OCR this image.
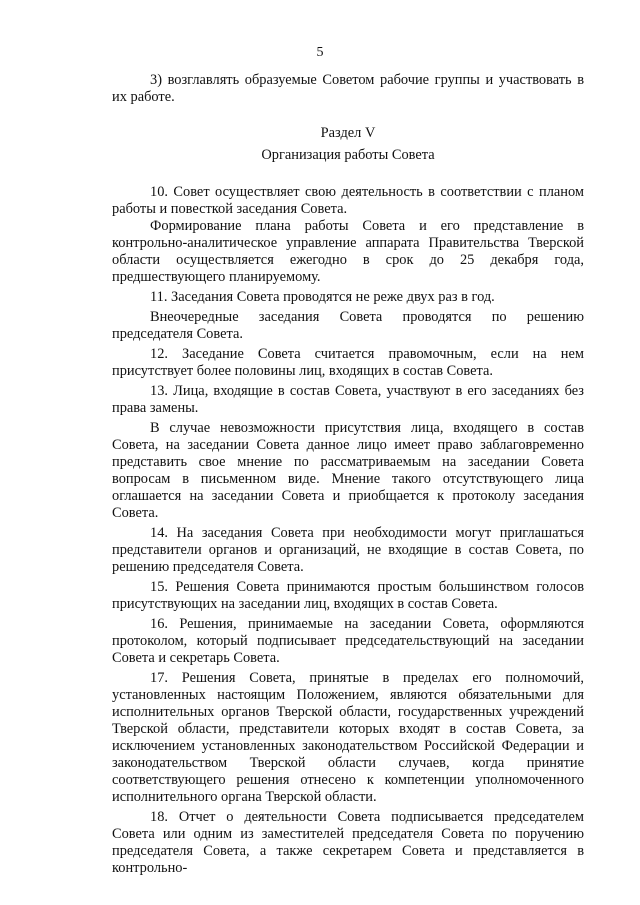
5

3) возглавлять образуемые Советом рабочие группы и участвовать в их работе.

Раздел V
Организация работы Совета

10. Совет осуществляет свою деятельность в соответствии с планом работы и повесткой заседания Совета.

Формирование плана работы Совета и его представление в контрольно-аналитическое управление аппарата Правительства Тверской области осуществляется ежегодно в срок до 25 декабря года, предшествующего планируемому.

11. Заседания Совета проводятся не реже двух раз в год.

Внеочередные заседания Совета проводятся по решению председателя Совета.

12. Заседание Совета считается правомочным, если на нем присутствует более половины лиц, входящих в состав Совета.

13. Лица, входящие в состав Совета, участвуют в его заседаниях без права замены.

В случае невозможности присутствия лица, входящего в состав Совета, на заседании Совета данное лицо имеет право заблаговременно представить свое мнение по рассматриваемым на заседании Совета вопросам в письменном виде. Мнение такого отсутствующего лица оглашается на заседании Совета и приобщается к протоколу заседания Совета.

14. На заседания Совета при необходимости могут приглашаться представители органов и организаций, не входящие в состав Совета, по решению председателя Совета.

15. Решения Совета принимаются простым большинством голосов присутствующих на заседании лиц, входящих в состав Совета.

16. Решения, принимаемые на заседании Совета, оформляются протоколом, который подписывает председательствующий на заседании Совета и секретарь Совета.

17. Решения Совета, принятые в пределах его полномочий, установленных настоящим Положением, являются обязательными для исполнительных органов Тверской области, государственных учреждений Тверской области, представители которых входят в состав Совета, за исключением установленных законодательством Российской Федерации и законодательством Тверской области случаев, когда принятие соответствующего решения отнесено к компетенции уполномоченного исполнительного органа Тверской области.

18. Отчет о деятельности Совета подписывается председателем Совета или одним из заместителей председателя Совета по поручению председателя Совета, а также секретарем Совета и представляется в контрольно-
